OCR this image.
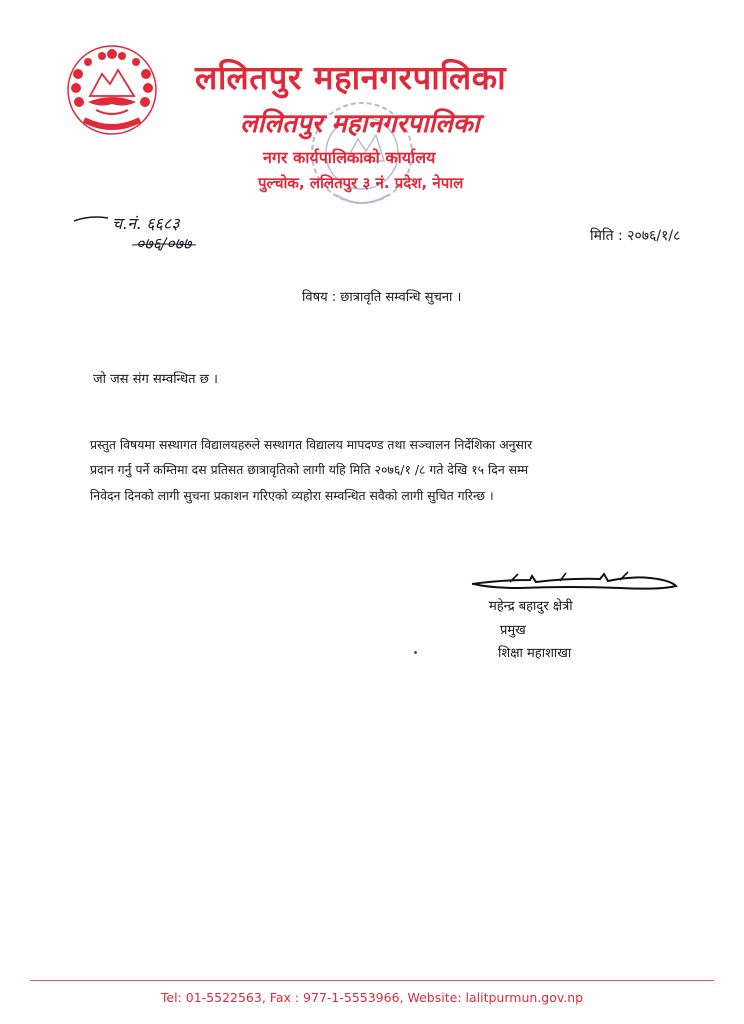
ललितपुर महानगरपालिका
ललितपुर महानगरपालिका
नगर कार्यपालिकाको कार्यालय
पुल्चोक, ललितपुर ३ नं. प्रदेश, नेपाल
च.नं. ६६८३
०७६/०७७	मिति : २०७६/१/८
विषय : छात्रावृति सम्वन्धि सुचना ।
जो जस संग सम्वन्धित छ ।
प्रस्तुत विषयमा सस्थागत विद्यालयहरुले सस्थागत विद्यालय मापदण्ड तथा सञ्चालन निर्देशिका अनुसार
प्रदान गर्नु पर्ने कम्तिमा दस प्रतिसत छात्रावृतिको लागी यहि मिति २०७६/१ /८ गते देखि १५ दिन सम्म
निवेदन दिनको लागी सुचना प्रकाशन गरिएको व्यहोरा सम्वन्धित सवैको लागी सुचित गरिन्छ ।
महेन्द्र बहादुर क्षेत्री
प्रमुख
शिक्षा महाशाखा
Tel: 01-5522563, Fax : 977-1-5553966, Website: lalitpurmun.gov.np
